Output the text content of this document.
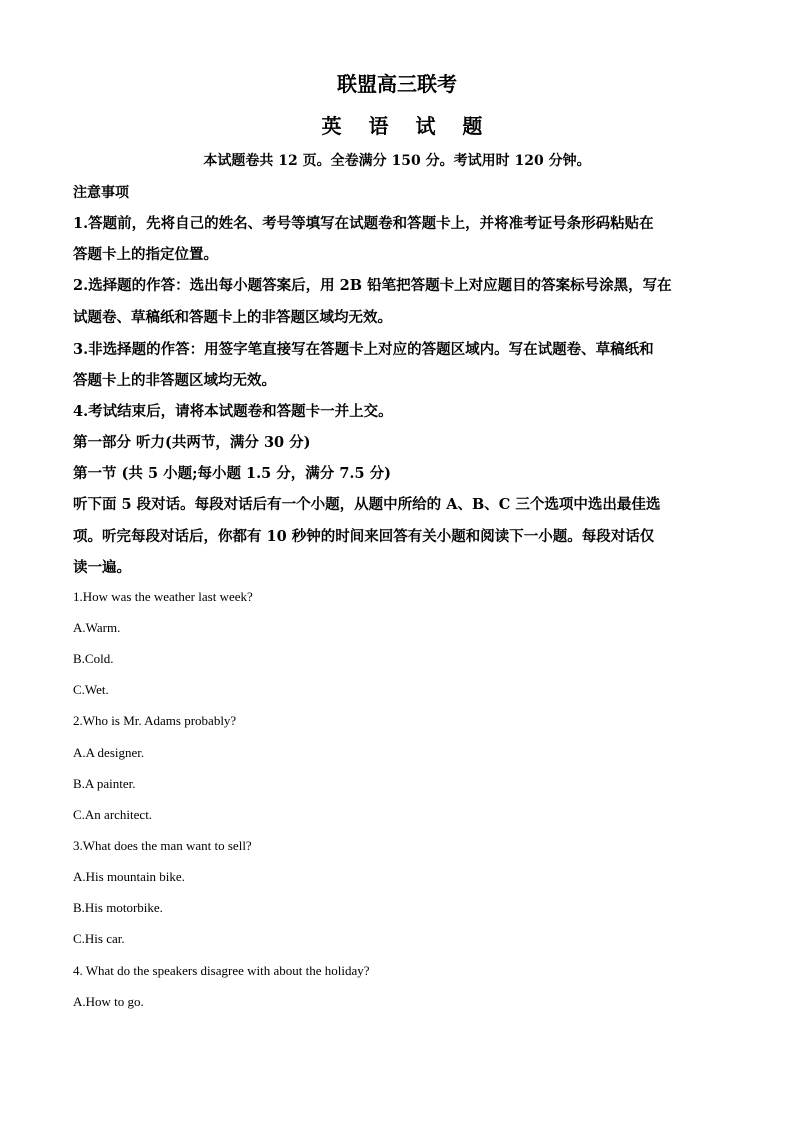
联盟高三联考
英 语 试 题

本试题卷共 12 页。全卷满分 150 分。考试用时 120 分钟。

注意事项

1.答题前，先将自己的姓名、考号等填写在试题卷和答题卡上，并将准考证号条形码粘贴在

答题卡上的指定位置。

2.选择题的作答：选出每小题答案后，用 2B 铅笔把答题卡上对应题目的答案标号涂黑，写在

试题卷、草稿纸和答题卡上的非答题区域均无效。

3.非选择题的作答：用签字笔直接写在答题卡上对应的答题区域内。写在试题卷、草稿纸和

答题卡上的非答题区域均无效。

4.考试结束后，请将本试题卷和答题卡一并上交。

第一部分 听力(共两节，满分 30 分)

第一节 (共 5 小题;每小题 1.5 分，满分 7.5 分)

听下面 5 段对话。每段对话后有一个小题，从题中所给的 A、B、C 三个选项中选出最佳选

项。听完每段对话后，你都有 10 秒钟的时间来回答有关小题和阅读下一小题。每段对话仅

读一遍。

1.How was the weather last week?

A.Warm.

B.Cold.

C.Wet.

2.Who is Mr. Adams probably?

A.A designer.

B.A painter.

C.An architect.

3.What does the man want to sell?

A.His mountain bike.

B.His motorbike.

C.His car.

4. What do the speakers disagree with about the holiday?

A.How to go.
